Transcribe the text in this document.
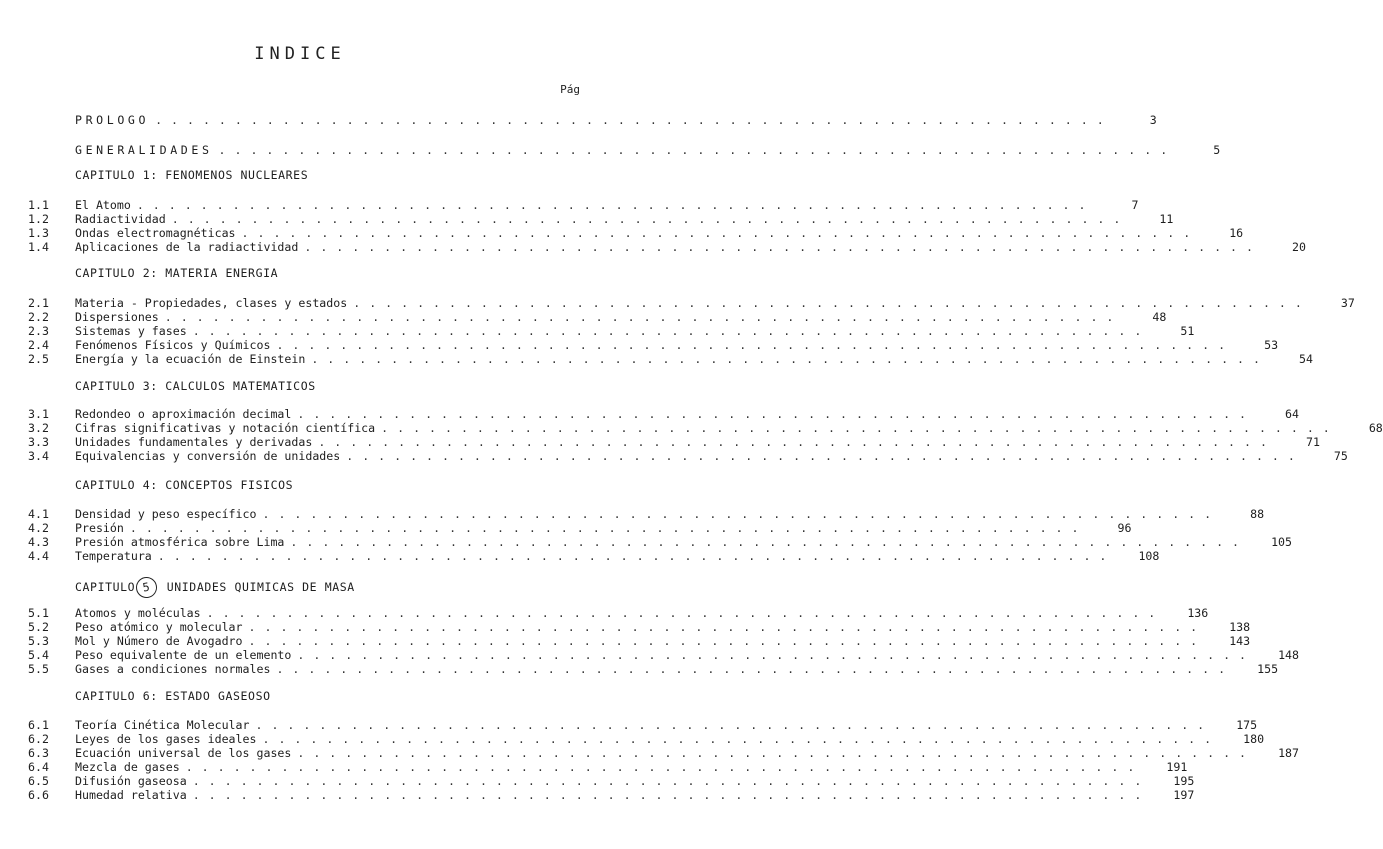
INDICE
Pág
PROLOGO . . . . . . . . . . . . . . . . . . . . . . . . . . . . . . . . . . . . . . . . . . . . . . . . . . . . . . . . . . . .	3
GENERALIDADES . . . . . . . . . . . . . . . . . . . . . . . . . . . . . . . . . . . . . . . . . . . . . . . . . . . . . . . . . . . .	5
CAPITULO 1: FENOMENOS NUCLEARES
1.1	El Atomo . . . . . . . . . . . . . . . . . . . . . . . . . . . . . . . . . . . . . . . . . . . . . . . . . . . . . . . . . . . .	7
1.2	Radiactividad . . . . . . . . . . . . . . . . . . . . . . . . . . . . . . . . . . . . . . . . . . . . . . . . . . . . . . . . . . . .	11
1.3	Ondas electromagnéticas . . . . . . . . . . . . . . . . . . . . . . . . . . . . . . . . . . . . . . . . . . . . . . . . . . . . . . . . . . . .	16
1.4	Aplicaciones de la radiactividad . . . . . . . . . . . . . . . . . . . . . . . . . . . . . . . . . . . . . . . . . . . . . . . . . . . . . . . . . . . .	20
CAPITULO 2: MATERIA ENERGIA
2.1	Materia - Propiedades, clases y estados . . . . . . . . . . . . . . . . . . . . . . . . . . . . . . . . . . . . . . . . . . . . . . . . . . . . . . . . . . . .	37
2.2	Dispersiones . . . . . . . . . . . . . . . . . . . . . . . . . . . . . . . . . . . . . . . . . . . . . . . . . . . . . . . . . . . .	48
2.3	Sistemas y fases . . . . . . . . . . . . . . . . . . . . . . . . . . . . . . . . . . . . . . . . . . . . . . . . . . . . . . . . . . . .	51
2.4	Fenómenos Físicos y Químicos . . . . . . . . . . . . . . . . . . . . . . . . . . . . . . . . . . . . . . . . . . . . . . . . . . . . . . . . . . . .	53
2.5	Energía y la ecuación de Einstein . . . . . . . . . . . . . . . . . . . . . . . . . . . . . . . . . . . . . . . . . . . . . . . . . . . . . . . . . . . .	54
CAPITULO 3: CALCULOS MATEMATICOS
3.1	Redondeo o aproximación decimal . . . . . . . . . . . . . . . . . . . . . . . . . . . . . . . . . . . . . . . . . . . . . . . . . . . . . . . . . . . .	64
3.2	Cifras significativas y notación científica . . . . . . . . . . . . . . . . . . . . . . . . . . . . . . . . . . . . . . . . . . . . . . . . . . . . . . . . . . . .	68
3.3	Unidades fundamentales y derivadas . . . . . . . . . . . . . . . . . . . . . . . . . . . . . . . . . . . . . . . . . . . . . . . . . . . . . . . . . . . .	71
3.4	Equivalencias y conversión de unidades . . . . . . . . . . . . . . . . . . . . . . . . . . . . . . . . . . . . . . . . . . . . . . . . . . . . . . . . . . . .	75
CAPITULO 4: CONCEPTOS FISICOS
4.1	Densidad y peso específico . . . . . . . . . . . . . . . . . . . . . . . . . . . . . . . . . . . . . . . . . . . . . . . . . . . . . . . . . . . .	88
4.2	Presión . . . . . . . . . . . . . . . . . . . . . . . . . . . . . . . . . . . . . . . . . . . . . . . . . . . . . . . . . . . .	96
4.3	Presión atmosférica sobre Lima . . . . . . . . . . . . . . . . . . . . . . . . . . . . . . . . . . . . . . . . . . . . . . . . . . . . . . . . . . . .	105
4.4	Temperatura . . . . . . . . . . . . . . . . . . . . . . . . . . . . . . . . . . . . . . . . . . . . . . . . . . . . . . . . . . . .	108
CAPITULO 5 UNIDADES QUIMICAS DE MASA
5.1	Atomos y moléculas . . . . . . . . . . . . . . . . . . . . . . . . . . . . . . . . . . . . . . . . . . . . . . . . . . . . . . . . . . . .	136
5.2	Peso atómico y molecular . . . . . . . . . . . . . . . . . . . . . . . . . . . . . . . . . . . . . . . . . . . . . . . . . . . . . . . . . . . .	138
5.3	Mol y Número de Avogadro . . . . . . . . . . . . . . . . . . . . . . . . . . . . . . . . . . . . . . . . . . . . . . . . . . . . . . . . . . . .	143
5.4	Peso equivalente de un elemento . . . . . . . . . . . . . . . . . . . . . . . . . . . . . . . . . . . . . . . . . . . . . . . . . . . . . . . . . . . .	148
5.5	Gases a condiciones normales . . . . . . . . . . . . . . . . . . . . . . . . . . . . . . . . . . . . . . . . . . . . . . . . . . . . . . . . . . . .	155
CAPITULO 6: ESTADO GASEOSO
6.1	Teoría Cinética Molecular . . . . . . . . . . . . . . . . . . . . . . . . . . . . . . . . . . . . . . . . . . . . . . . . . . . . . . . . . . . .	175
6.2	Leyes de los gases ideales . . . . . . . . . . . . . . . . . . . . . . . . . . . . . . . . . . . . . . . . . . . . . . . . . . . . . . . . . . . .	180
6.3	Ecuación universal de los gases . . . . . . . . . . . . . . . . . . . . . . . . . . . . . . . . . . . . . . . . . . . . . . . . . . . . . . . . . . . .	187
6.4	Mezcla de gases . . . . . . . . . . . . . . . . . . . . . . . . . . . . . . . . . . . . . . . . . . . . . . . . . . . . . . . . . . . .	191
6.5	Difusión gaseosa . . . . . . . . . . . . . . . . . . . . . . . . . . . . . . . . . . . . . . . . . . . . . . . . . . . . . . . . . . . .	195
6.6	Humedad relativa . . . . . . . . . . . . . . . . . . . . . . . . . . . . . . . . . . . . . . . . . . . . . . . . . . . . . . . . . . . .	197
